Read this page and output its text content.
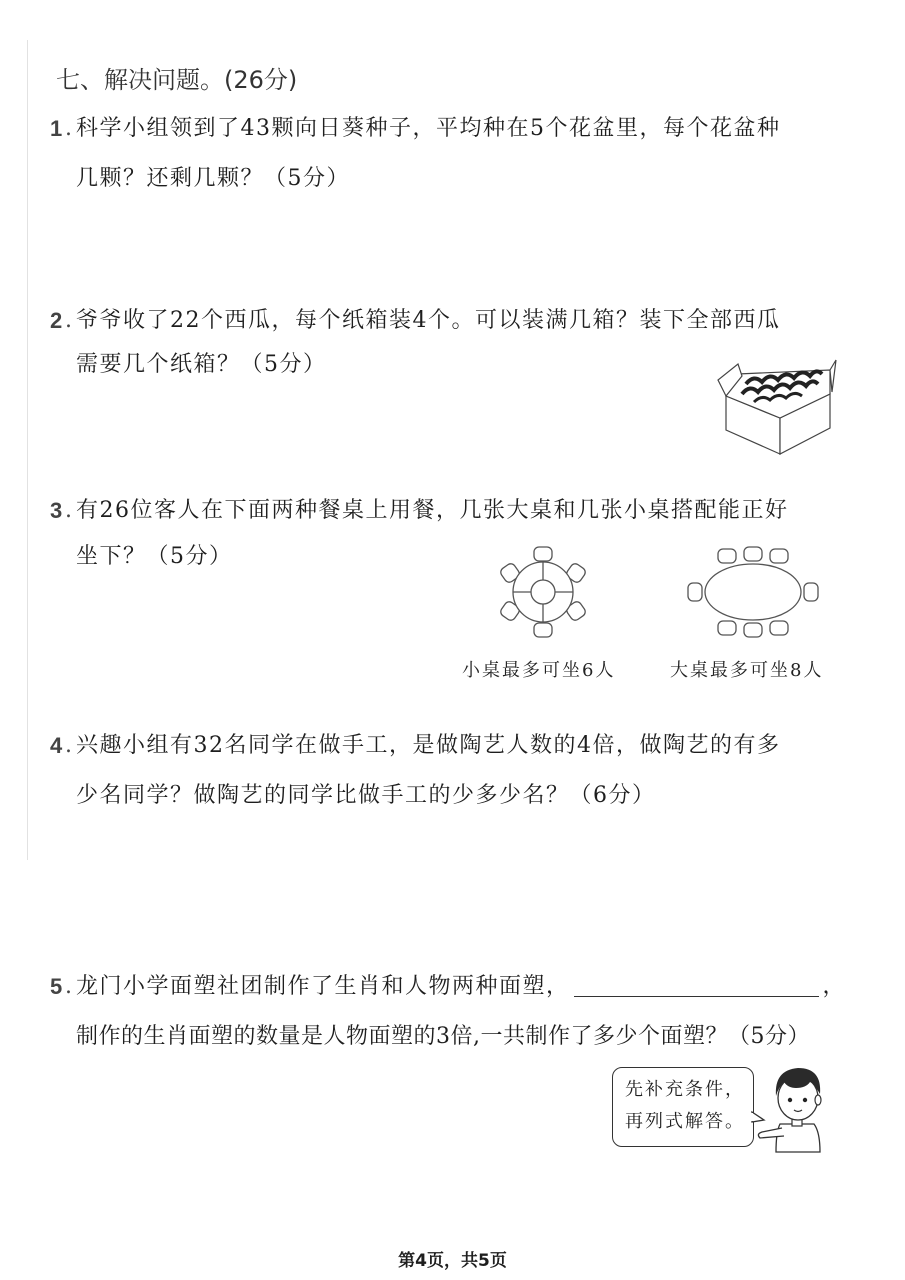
七、解决问题。(26分)
1 . 科学小组领到了43颗向日葵种子，平均种在5个花盆里，每个花盆种
几颗？还剩几颗？（5分）
2 . 爷爷收了22个西瓜，每个纸箱装4个。可以装满几箱？装下全部西瓜
需要几个纸箱？（5分）
3 . 有26位客人在下面两种餐桌上用餐，几张大桌和几张小桌搭配能正好
坐下？（5分）
小桌最多可坐6人	大桌最多可坐8人
4 . 兴趣小组有32名同学在做手工，是做陶艺人数的4倍，做陶艺的有多
少名同学？做陶艺的同学比做手工的少多少名？（6分）
5 . 龙门小学面塑社团制作了生肖和人物两种面塑，	，
制作的生肖面塑的数量是人物面塑的3倍,一共制作了多少个面塑？（5分）
先补充条件，
再列式解答。
第4页，共5页
